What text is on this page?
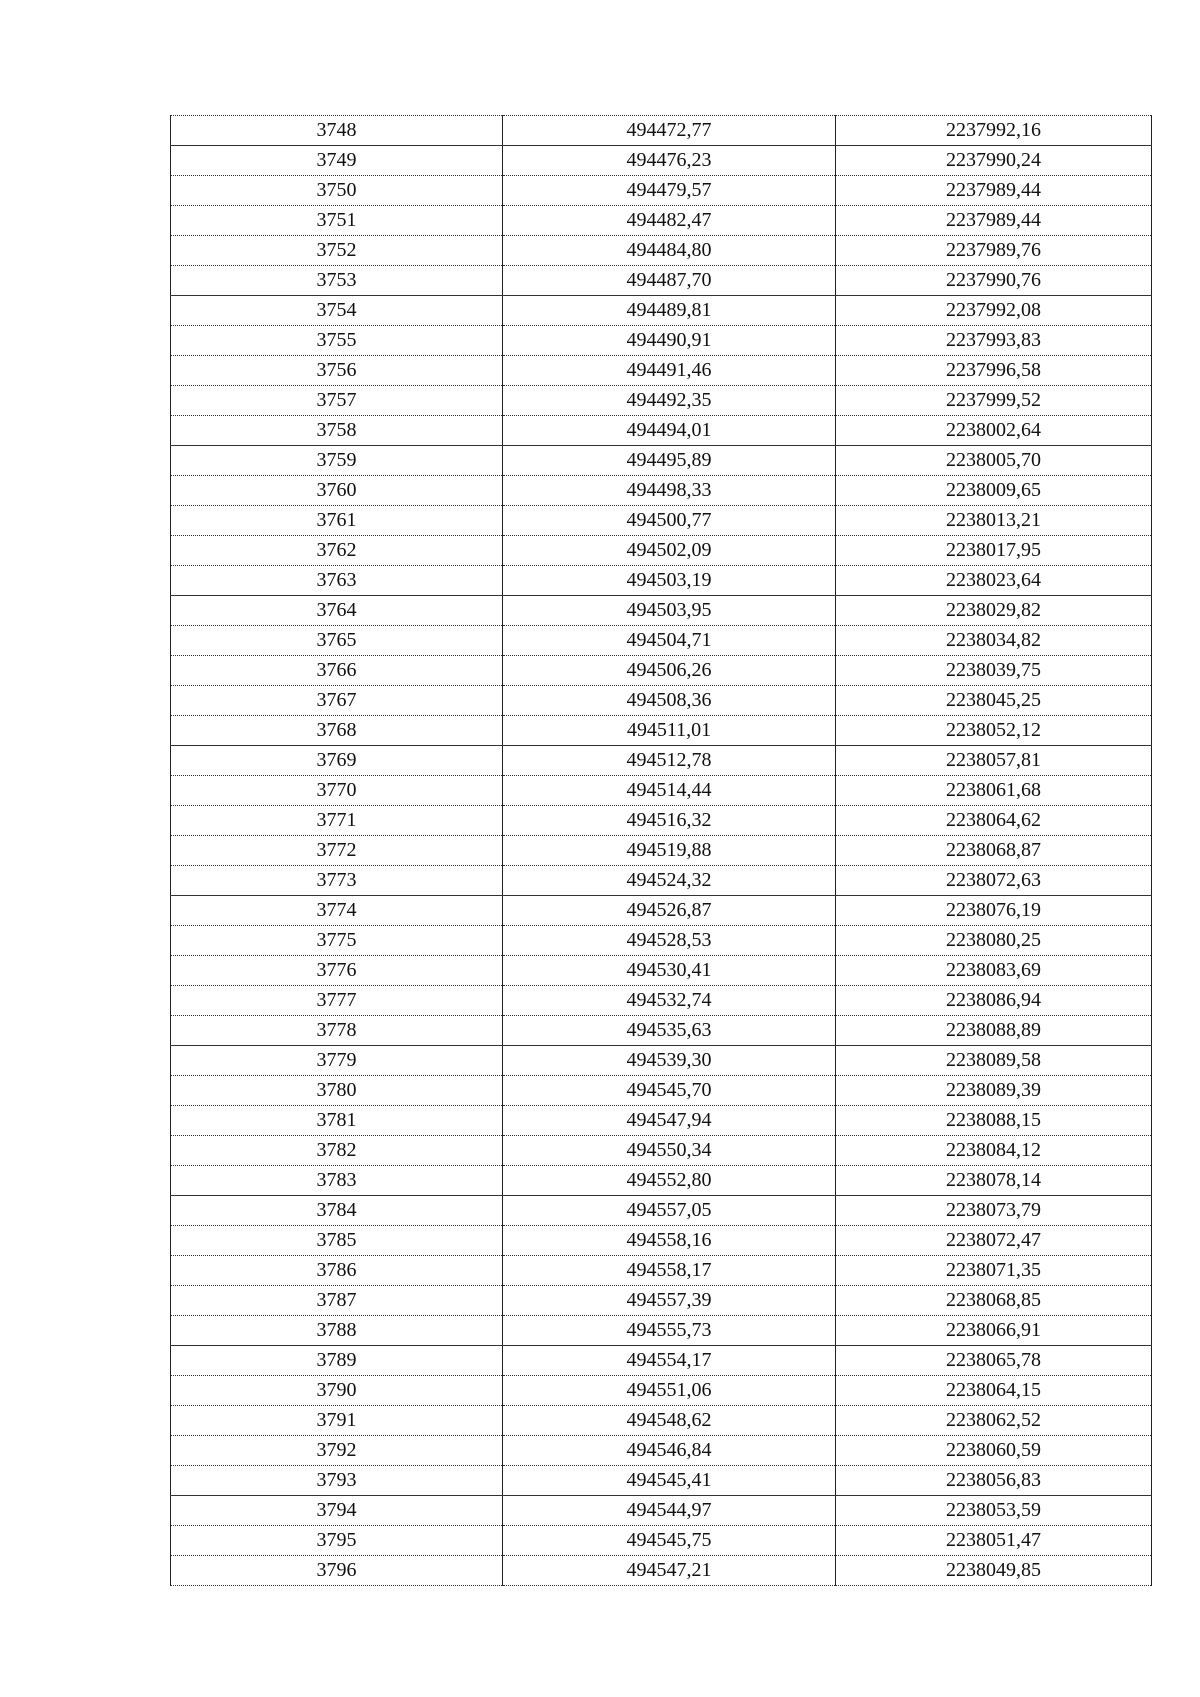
3748	494472,77	2237992,16
3749	494476,23	2237990,24
3750	494479,57	2237989,44
3751	494482,47	2237989,44
3752	494484,80	2237989,76
3753	494487,70	2237990,76
3754	494489,81	2237992,08
3755	494490,91	2237993,83
3756	494491,46	2237996,58
3757	494492,35	2237999,52
3758	494494,01	2238002,64
3759	494495,89	2238005,70
3760	494498,33	2238009,65
3761	494500,77	2238013,21
3762	494502,09	2238017,95
3763	494503,19	2238023,64
3764	494503,95	2238029,82
3765	494504,71	2238034,82
3766	494506,26	2238039,75
3767	494508,36	2238045,25
3768	494511,01	2238052,12
3769	494512,78	2238057,81
3770	494514,44	2238061,68
3771	494516,32	2238064,62
3772	494519,88	2238068,87
3773	494524,32	2238072,63
3774	494526,87	2238076,19
3775	494528,53	2238080,25
3776	494530,41	2238083,69
3777	494532,74	2238086,94
3778	494535,63	2238088,89
3779	494539,30	2238089,58
3780	494545,70	2238089,39
3781	494547,94	2238088,15
3782	494550,34	2238084,12
3783	494552,80	2238078,14
3784	494557,05	2238073,79
3785	494558,16	2238072,47
3786	494558,17	2238071,35
3787	494557,39	2238068,85
3788	494555,73	2238066,91
3789	494554,17	2238065,78
3790	494551,06	2238064,15
3791	494548,62	2238062,52
3792	494546,84	2238060,59
3793	494545,41	2238056,83
3794	494544,97	2238053,59
3795	494545,75	2238051,47
3796	494547,21	2238049,85
